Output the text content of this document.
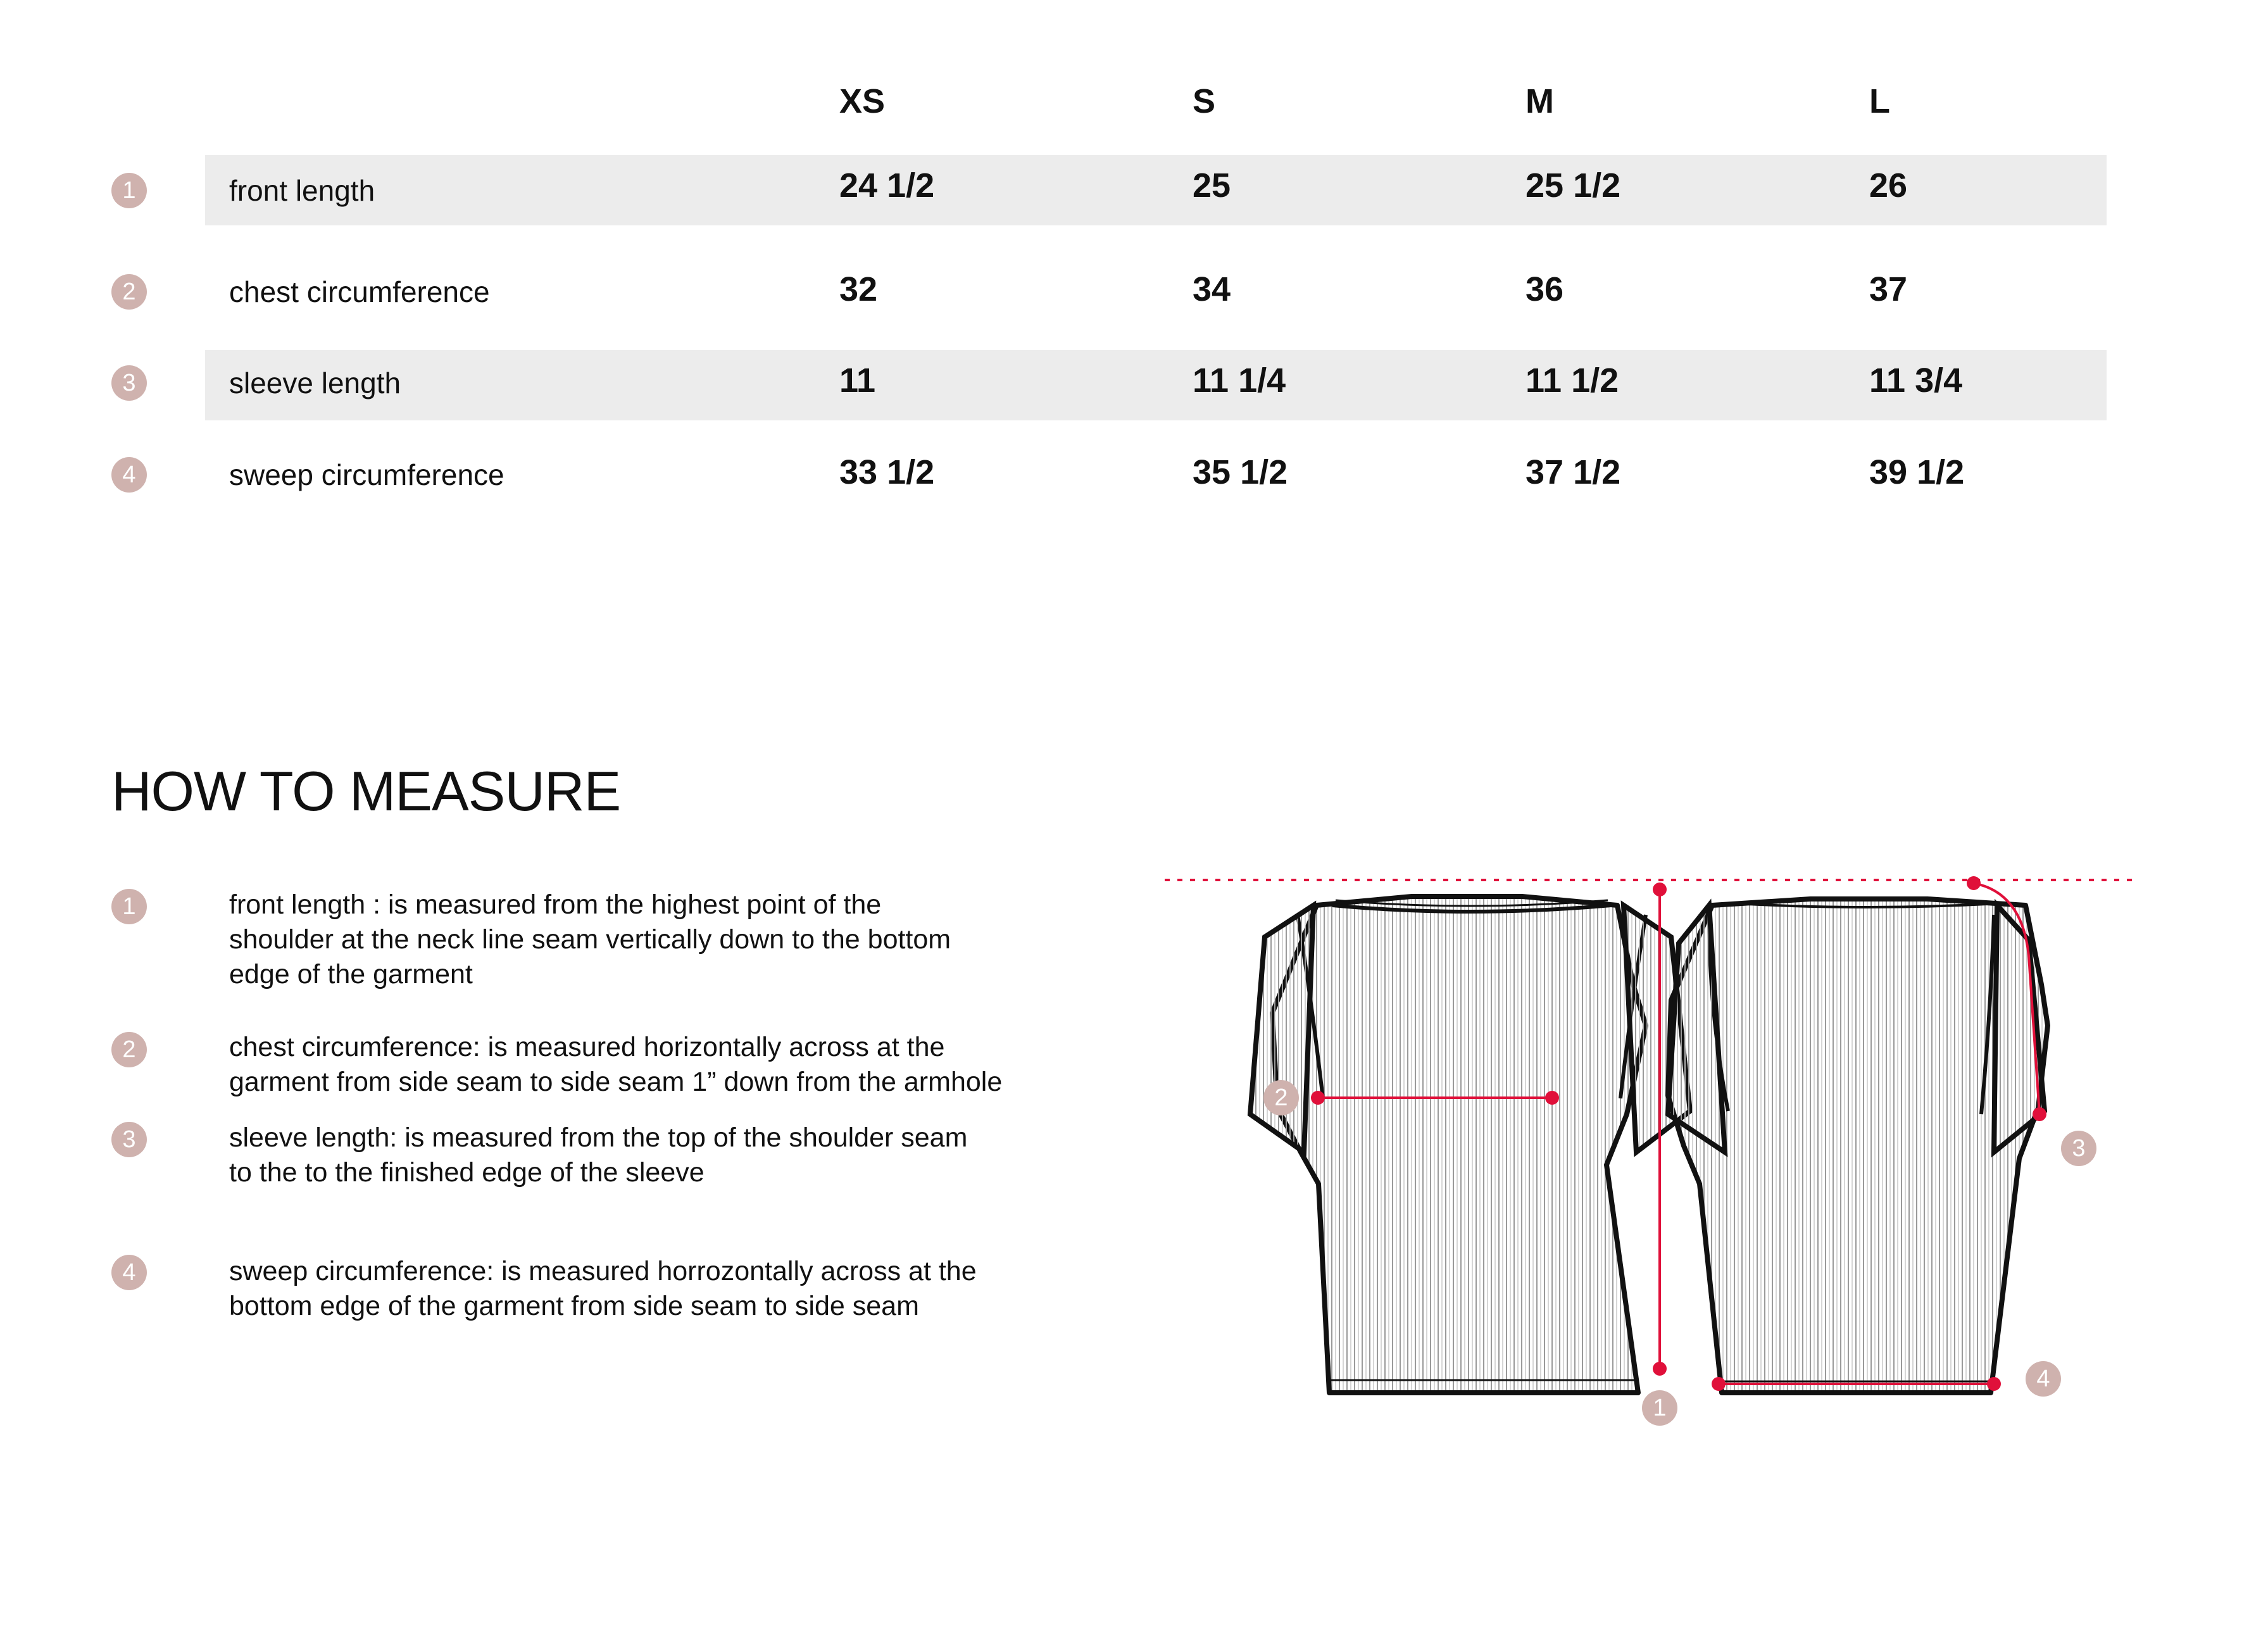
XS	S	M	L
1	front length	24 1/2	25	25 1/2	26
2	chest circumference	32	34	36	37
3	sleeve length	11	11 1/4	11 1/2	11 3/4
4	sweep circumference	33 1/2	35 1/2	37 1/2	39 1/2
HOW TO MEASURE
1	front length : is measured from the highest point of the
shoulder at the neck line seam vertically down to the bottom
edge of the garment
2	chest circumference: is measured horizontally across at the
garment from side seam to side seam 1” down from the armhole
3	sleeve length: is measured from the top of the shoulder seam
to the to the finished edge of the sleeve
4	sweep circumference: is measured horrozontally across at the
bottom edge of the garment from side seam to side seam
2
1
3
4
